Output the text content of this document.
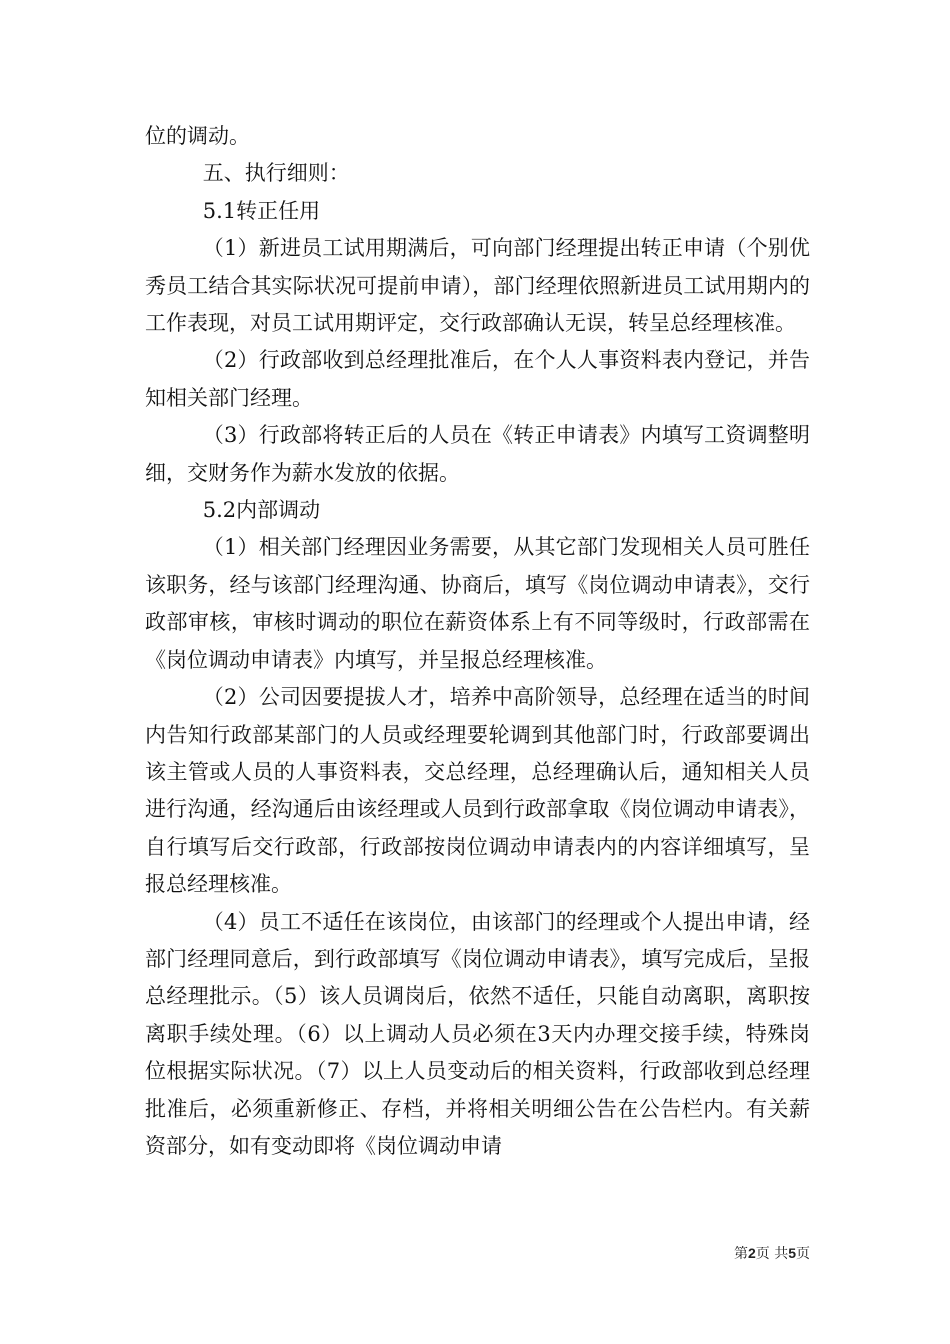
位的调动。

五、执行细则：

5.1转正任用

（1）新进员工试用期满后，可向部门经理提出转正申请（个别优秀员工结合其实际状况可提前申请），部门经理依照新进员工试用期内的工作表现，对员工试用期评定，交行政部确认无误，转呈总经理核准。

（2）行政部收到总经理批准后，在个人人事资料表内登记，并告知相关部门经理。

（3）行政部将转正后的人员在《转正申请表》内填写工资调整明细，交财务作为薪水发放的依据。

5.2内部调动

（1）相关部门经理因业务需要，从其它部门发现相关人员可胜任该职务，经与该部门经理沟通、协商后，填写《岗位调动申请表》，交行政部审核，审核时调动的职位在薪资体系上有不同等级时，行政部需在《岗位调动申请表》内填写，并呈报总经理核准。

（2）公司因要提拔人才，培养中高阶领导，总经理在适当的时间内告知行政部某部门的人员或经理要轮调到其他部门时，行政部要调出该主管或人员的人事资料表，交总经理，总经理确认后，通知相关人员进行沟通，经沟通后由该经理或人员到行政部拿取《岗位调动申请表》，自行填写后交行政部，行政部按岗位调动申请表内的内容详细填写，呈报总经理核准。

（4）员工不适任在该岗位，由该部门的经理或个人提出申请，经部门经理同意后，到行政部填写《岗位调动申请表》，填写完成后，呈报总经理批示。（5）该人员调岗后，依然不适任，只能自动离职，离职按离职手续处理。（6）以上调动人员必须在3天内办理交接手续，特殊岗位根据实际状况。（7）以上人员变动后的相关资料，行政部收到总经理批准后，必须重新修正、存档，并将相关明细公告在公告栏内。有关薪资部分，如有变动即将《岗位调动申请

第2页 共5页
